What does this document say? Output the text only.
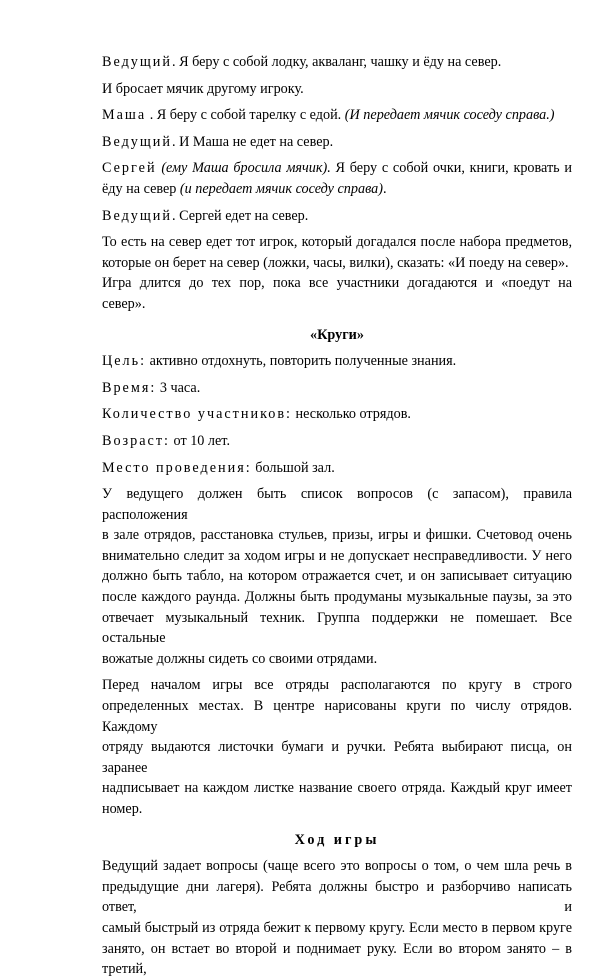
Ведущий. Я беру с собой лодку, акваланг, чашку и ёду на север.

И бросает мячик другому игроку.

Маша . Я беру с собой тарелку с едой. (И передает мячик соседу справа.)

Ведущий. И Маша не едет на север.

Сергей (ему Маша бросила мячик). Я беру с собой очки, книги, кровать и
ёду на север (и передает мячик соседу справа).

Ведущий. Сергей едет на север.

То есть на север едет тот игрок, который догадался после набора предметов,
которые он берет на север (ложки, часы, вилки), сказать: «И поеду на север».

Игра длится до тех пор, пока все участники догадаются и «поедут на
север».

«Круги»

Цель: активно отдохнуть, повторить полученные знания.

Время: 3 часа.

Количество участников: несколько отрядов.

Возраст: от 10 лет.

Место проведения: большой зал.

У ведущего должен быть список вопросов (с запасом), правила расположения
в зале отрядов, расстановка стульев, призы, игры и фишки. Счетовод очень
внимательно следит за ходом игры и не допускает несправедливости. У него
должно быть табло, на котором отражается счет, и он записывает ситуацию
после каждого раунда. Должны быть продуманы музыкальные паузы, за это
отвечает музыкальный техник. Группа поддержки не помешает. Все остальные
вожатые должны сидеть со своими отрядами.

Перед началом игры все отряды располагаются по кругу в строго
определенных местах. В центре нарисованы круги по числу отрядов. Каждому
отряду выдаются листочки бумаги и ручки. Ребята выбирают писца, он заранее
надписывает на каждом листке название своего отряда. Каждый круг имеет
номер.

Ход игры

Ведущий задает вопросы (чаще всего это вопросы о том, о чем шла речь в
предыдущие дни лагеря). Ребята должны быстро и разборчиво написать ответ, и
самый быстрый из отряда бежит к первому кругу. Если место в первом круге
занято, он встает во второй и поднимает руку. Если во втором занято – в третий,
